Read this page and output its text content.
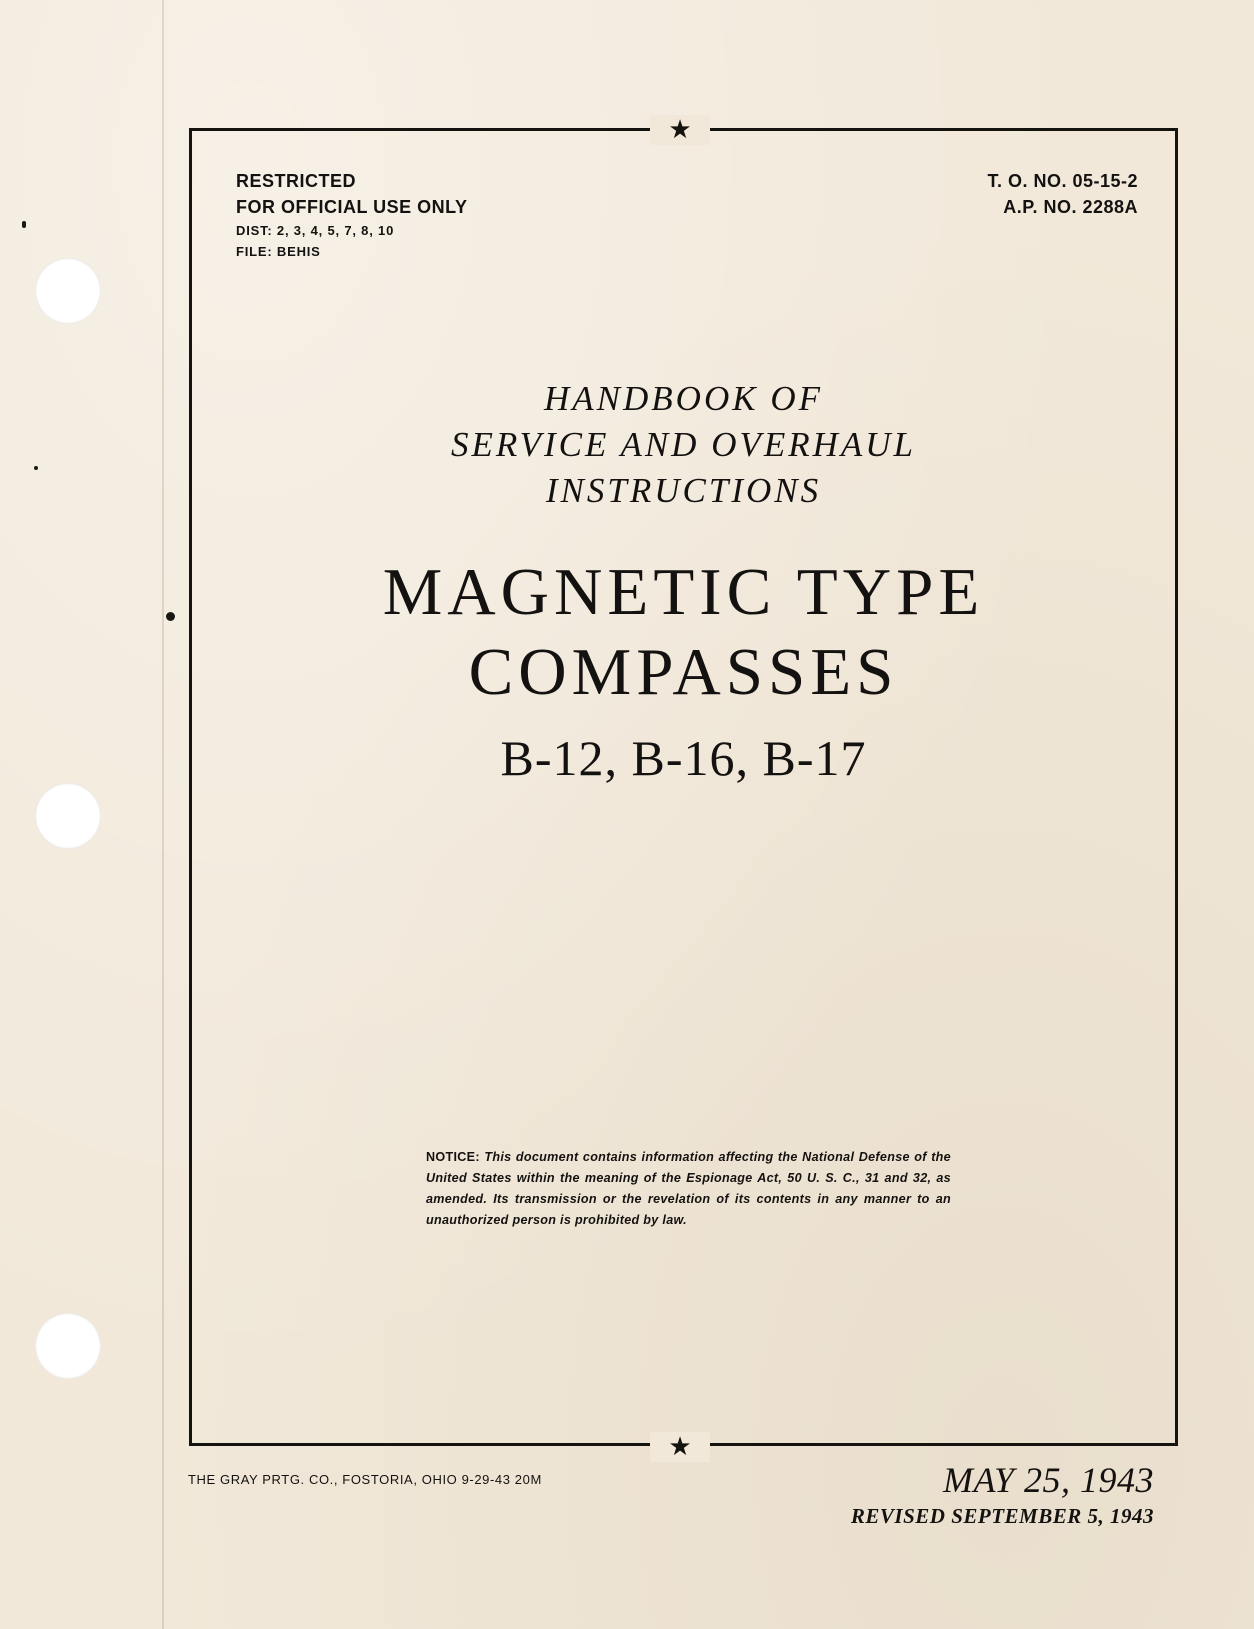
★
★
RESTRICTED
FOR OFFICIAL USE ONLY
DIST: 2, 3, 4, 5, 7, 8, 10
FILE: BEHIS
T. O. NO. 05-15-2
A.P. NO. 2288A
HANDBOOK OF
SERVICE AND OVERHAUL
INSTRUCTIONS
MAGNETIC TYPE
COMPASSES
B-12, B-16, B-17
NOTICE: This document contains information affecting the National Defense of the United States within the meaning of the Espionage Act, 50 U. S. C., 31 and 32, as amended. Its transmission or the revelation of its contents in any manner to an unauthorized person is prohibited by law.
THE GRAY PRTG. CO., FOSTORIA, OHIO 9-29-43 20M	MAY 25, 1943
REVISED SEPTEMBER 5, 1943
